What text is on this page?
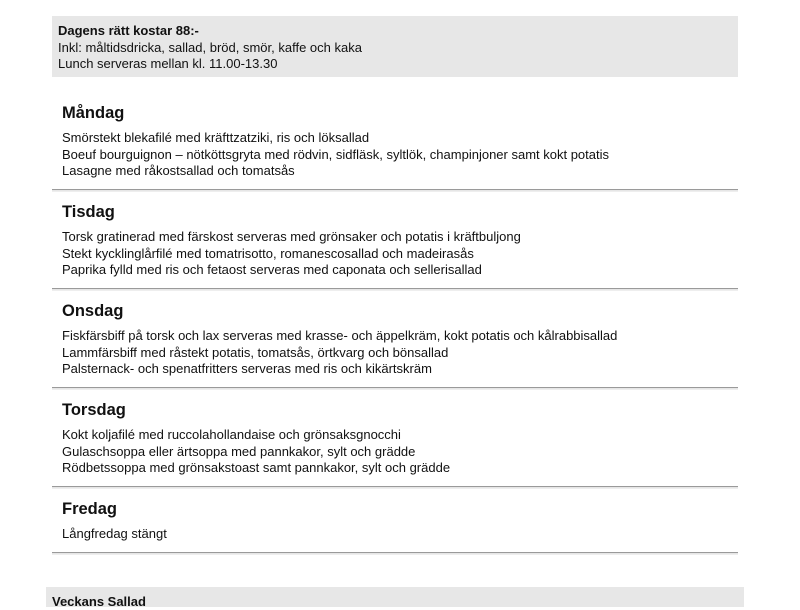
Dagens rätt kostar 88:-
Inkl: måltidsdricka, sallad, bröd, smör, kaffe och kaka
Lunch serveras mellan kl. 11.00-13.30
Måndag
Smörstekt blekafilé med kräfttzatziki, ris och löksallad
Boeuf bourguignon – nötköttsgryta med rödvin, sidfläsk, syltlök, champinjoner samt kokt potatis
Lasagne med råkostsallad och tomatsås
Tisdag
Torsk gratinerad med färskost serveras med grönsaker och potatis i kräftbuljong
Stekt kycklinglårfilé med tomatrisotto, romanescosallad och madeirasås
Paprika fylld med ris och fetaost serveras med caponata och sellerisallad
Onsdag
Fiskfärsbiff på torsk och lax serveras med krasse- och äppelkräm, kokt potatis och kålrabbisallad
Lammfärsbiff med råstekt potatis, tomatsås, örtkvarg och bönsallad
Palsternack- och spenatfritters serveras med ris och kikärtskräm
Torsdag
Kokt koljafilé med ruccolahollandaise och grönsaksgnocchi
Gulaschsoppa eller ärtsoppa med pannkakor, sylt och grädde
Rödbetssoppa med grönsakstoast samt pannkakor, sylt och grädde
Fredag
Långfredag stängt
Veckans Sallad
